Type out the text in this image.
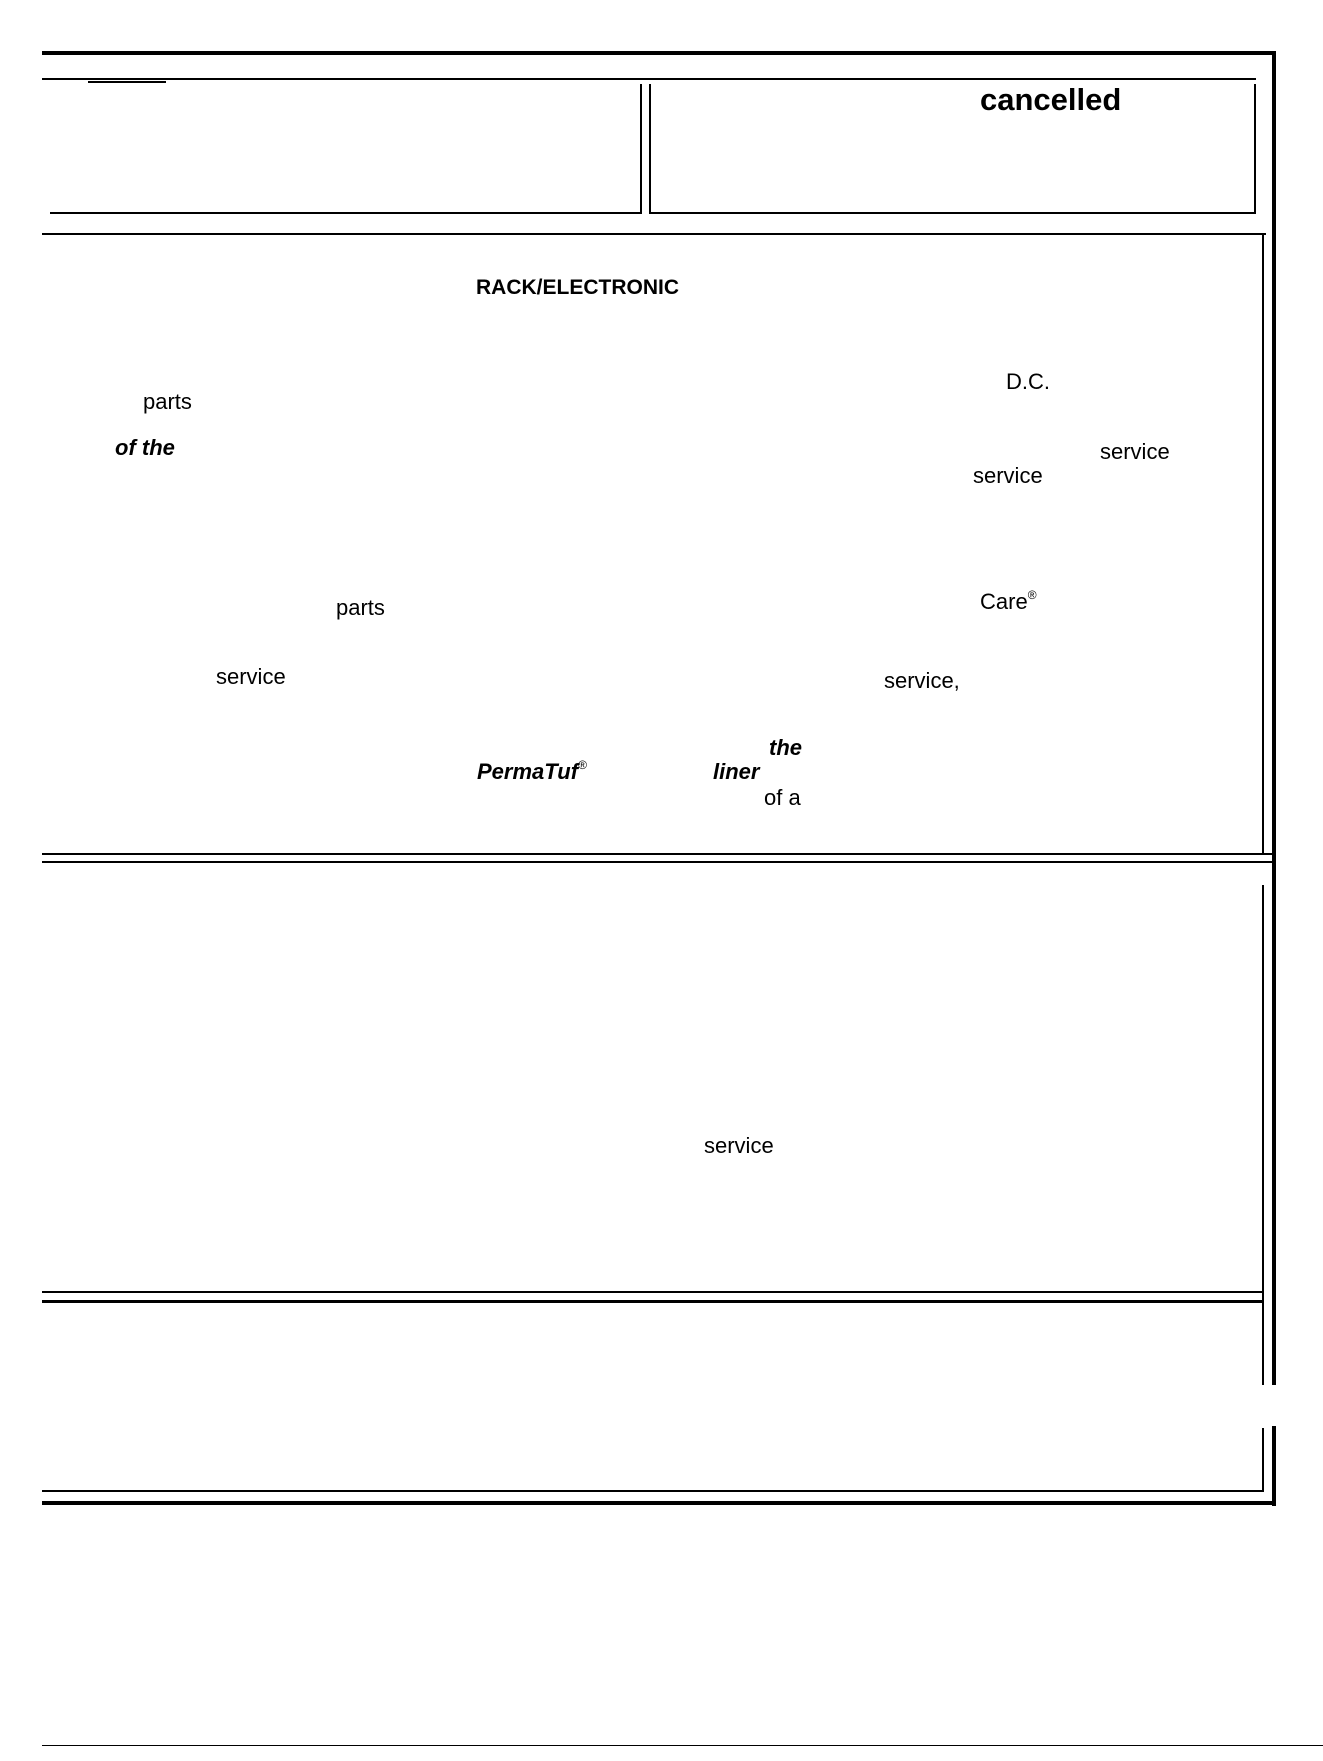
cancelled
RACK/ELECTRONIC
D.C.
parts
of the	service
service
parts	Care®
service	service,
the
PermaTuf®	liner
of a
service
